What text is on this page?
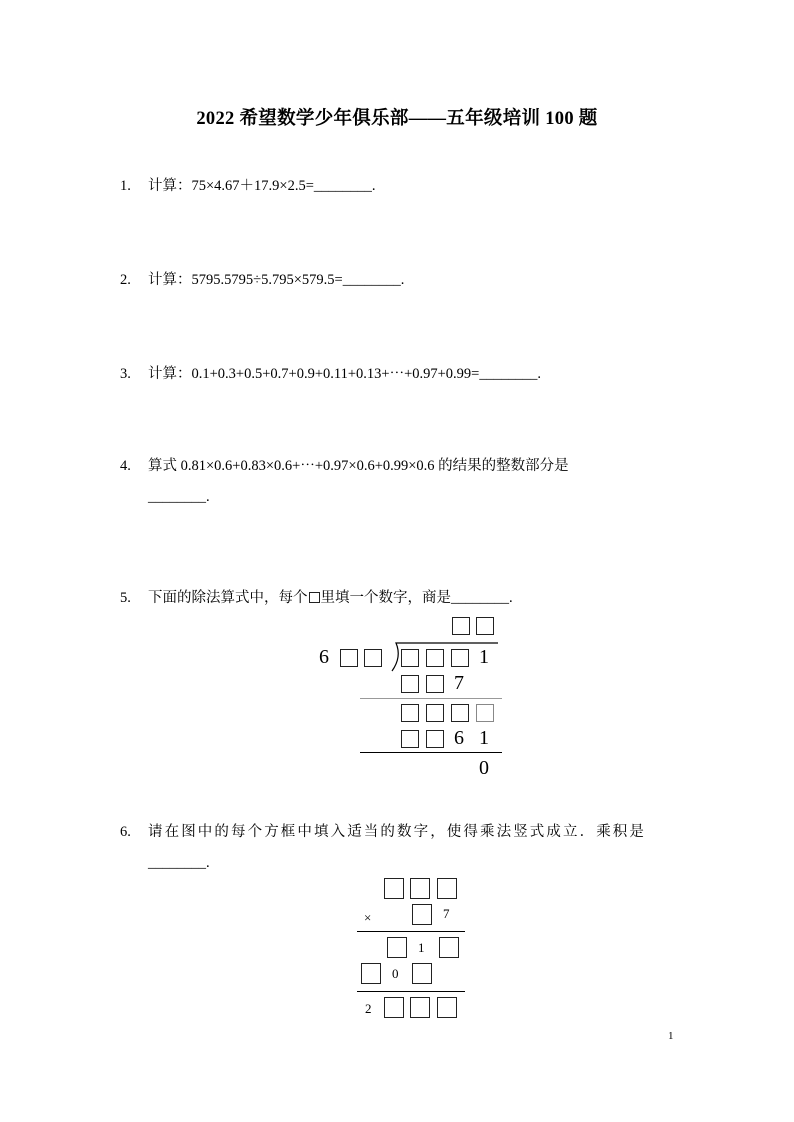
2022 希望数学少年俱乐部——五年级培训 100 题
1. 计算：75×4.67＋17.9×2.5=________.
2. 计算：5795.5795÷5.795×579.5=________.
3. 计算：0.1+0.3+0.5+0.7+0.9+0.11+0.13+⋯+0.97+0.99=________.
4. 算式 0.81×0.6+0.83×0.6+⋯+0.97×0.6+0.99×0.6 的结果的整数部分是
________.
5. 下面的除法算式中，每个 里填一个数字，商是________.
6	1
7
6 1
0
6. 请在图中的每个方框中填入适当的数字，使得乘法竖式成立．乘积是
________.
×	7
1
0
2
1
